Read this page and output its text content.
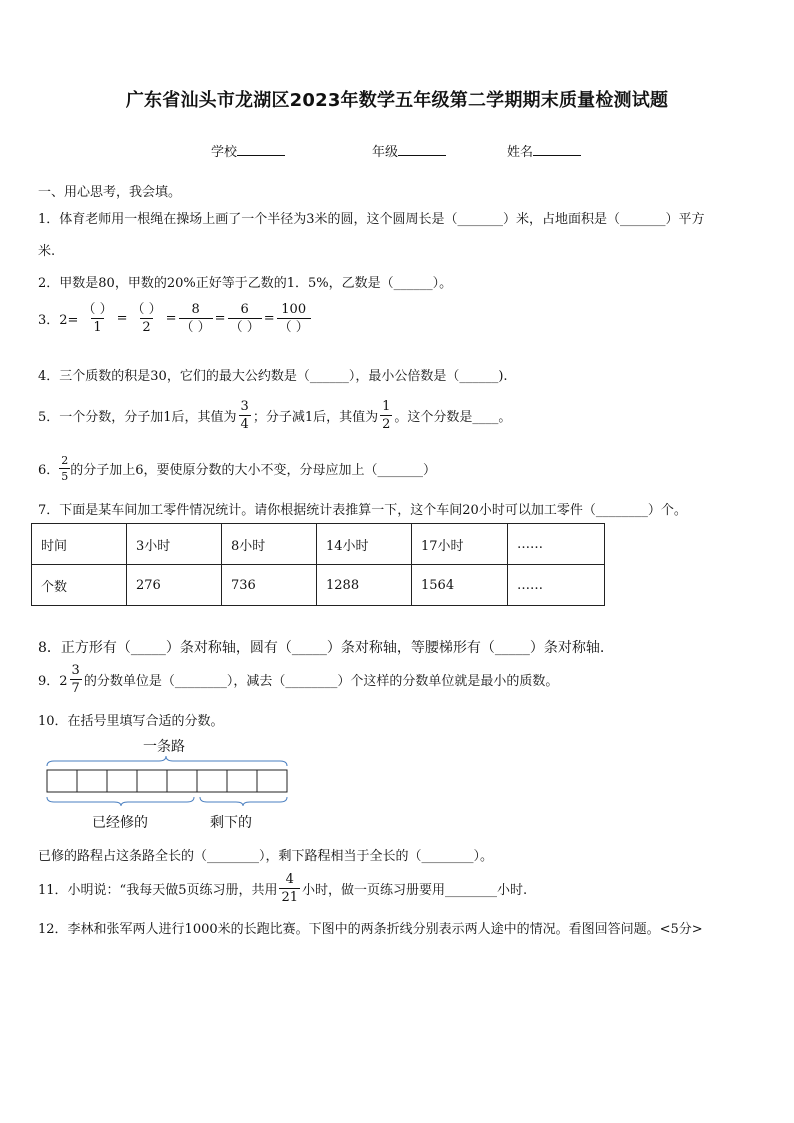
广东省汕头市龙湖区2023年数学五年级第二学期期末质量检测试题
学校	年级	姓名
一、用心思考，我会填。
1．体育老师用一根绳在操场上画了一个半径为3米的圆，这个圆周长是（_______）米，占地面积是（_______）平方
米.
2．甲数是80，甲数的20%正好等于乙数的1．5%，乙数是（______）。
3．$2= \frac{( )}{1} = \frac{( )}{2} = \frac{8}{( )} = \frac{6}{( )} = \frac{100}{( )}$
4．三个质数的积是30，它们的最大公约数是（______），最小公倍数是（______).
5．一个分数，分子加1后，其值为 $\frac{3}{4}$ ；分子减1后，其值为 $\frac{1}{2}$ 。这个分数是____。
6． $\frac{2}{5}$ 的分子加上6，要使原分数的大小不变，分母应加上（_______）
7．下面是某车间加工零件情况统计。请你根据统计表推算一下，这个车间20小时可以加工零件（________）个。
时间	3小时	8小时	14小时	17小时	……
个数	276	736	1288	1564	……
8．正方形有（_____）条对称轴，圆有（_____）条对称轴，等腰梯形有（_____）条对称轴.
9．$2 \frac{3}{7}$ 的分数单位是（________），减去（________）个这样的分数单位就是最小的质数。
10．在括号里填写合适的分数。
一条路
已经修的	剩下的
已修的路程占这条路全长的（________），剩下路程相当于全长的（________）。
11．小明说：“我每天做5页练习册，共用 $\frac{4}{21}$ 小时，做一页练习册要用________小时.
12．李林和张军两人进行1000米的长跑比赛。下图中的两条折线分别表示两人途中的情况。看图回答问题。<5分>
